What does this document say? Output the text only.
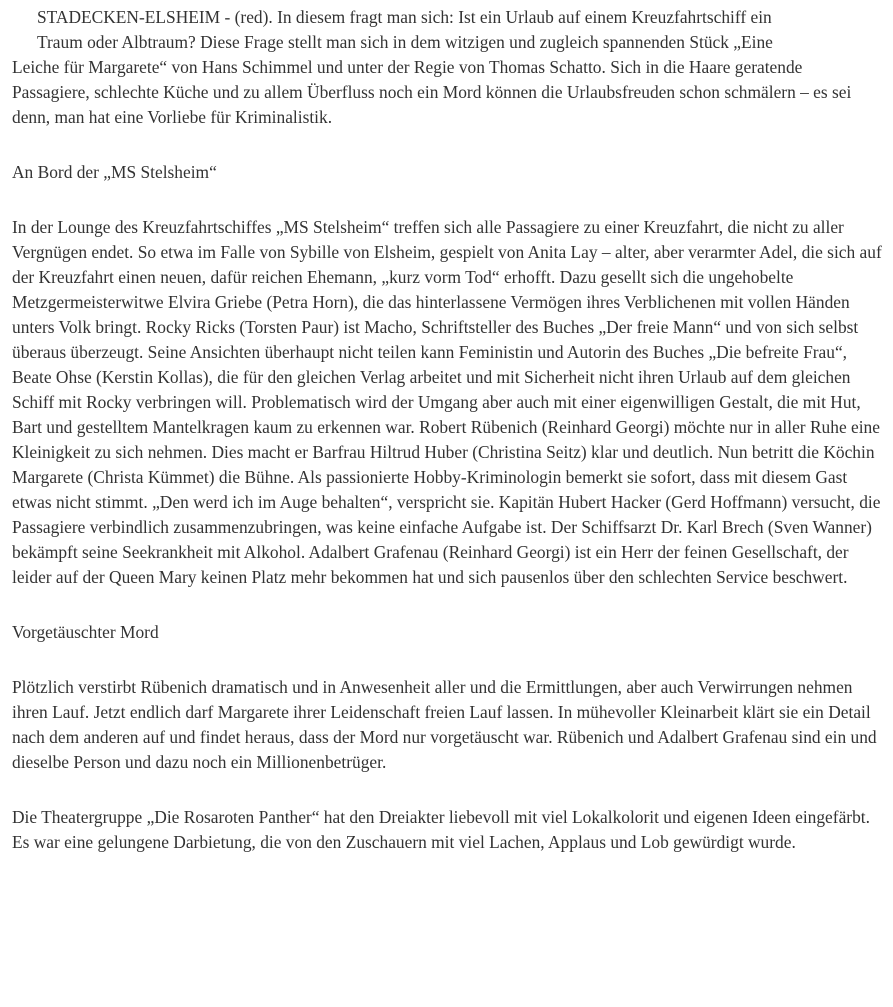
STADECKEN-ELSHEIM - (red). In diesem fragt man sich: Ist ein Urlaub auf einem Kreuzfahrtschiff ein
Traum oder Albtraum? Diese Frage stellt man sich in dem witzigen und zugleich spannenden Stück „Eine
Leiche für Margarete“ von Hans Schimmel und unter der Regie von Thomas Schatto. Sich in die Haare geratende Passagiere, schlechte Küche und zu allem Überfluss noch ein Mord können die Urlaubsfreuden schon schmälern – es sei denn, man hat eine Vorliebe für Kriminalistik.

An Bord der „MS Stelsheim“

In der Lounge des Kreuzfahrtschiffes „MS Stelsheim“ treffen sich alle Passagiere zu einer Kreuzfahrt, die nicht zu aller Vergnügen endet. So etwa im Falle von Sybille von Elsheim, gespielt von Anita Lay – alter, aber verarmter Adel, die sich auf der Kreuzfahrt einen neuen, dafür reichen Ehemann, „kurz vorm Tod“ erhofft. Dazu gesellt sich die ungehobelte Metzgermeisterwitwe Elvira Griebe (Petra Horn), die das hinterlassene Vermögen ihres Verblichenen mit vollen Händen unters Volk bringt. Rocky Ricks (Torsten Paur) ist Macho, Schriftsteller des Buches „Der freie Mann“ und von sich selbst überaus überzeugt. Seine Ansichten überhaupt nicht teilen kann Feministin und Autorin des Buches „Die befreite Frau“, Beate Ohse (Kerstin Kollas), die für den gleichen Verlag arbeitet und mit Sicherheit nicht ihren Urlaub auf dem gleichen Schiff mit Rocky verbringen will. Problematisch wird der Umgang aber auch mit einer eigenwilligen Gestalt, die mit Hut, Bart und gestelltem Mantelkragen kaum zu erkennen war. Robert Rübenich (Reinhard Georgi) möchte nur in aller Ruhe eine Kleinigkeit zu sich nehmen. Dies macht er Barfrau Hiltrud Huber (Christina Seitz) klar und deutlich. Nun betritt die Köchin Margarete (Christa Kümmet) die Bühne. Als passionierte Hobby-Kriminologin bemerkt sie sofort, dass mit diesem Gast etwas nicht stimmt. „Den werd ich im Auge behalten“, verspricht sie. Kapitän Hubert Hacker (Gerd Hoffmann) versucht, die Passagiere verbindlich zusammenzubringen, was keine einfache Aufgabe ist. Der Schiffsarzt Dr. Karl Brech (Sven Wanner) bekämpft seine Seekrankheit mit Alkohol. Adalbert Grafenau (Reinhard Georgi) ist ein Herr der feinen Gesellschaft, der leider auf der Queen Mary keinen Platz mehr bekommen hat und sich pausenlos über den schlechten Service beschwert.

Vorgetäuschter Mord

Plötzlich verstirbt Rübenich dramatisch und in Anwesenheit aller und die Ermittlungen, aber auch Verwirrungen nehmen ihren Lauf. Jetzt endlich darf Margarete ihrer Leidenschaft freien Lauf lassen. In mühevoller Kleinarbeit klärt sie ein Detail nach dem anderen auf und findet heraus, dass der Mord nur vorgetäuscht war. Rübenich und Adalbert Grafenau sind ein und dieselbe Person und dazu noch ein Millionenbetrüger.

Die Theatergruppe „Die Rosaroten Panther“ hat den Dreiakter liebevoll mit viel Lokalkolorit und eigenen Ideen eingefärbt. Es war eine gelungene Darbietung, die von den Zuschauern mit viel Lachen, Applaus und Lob gewürdigt wurde.
